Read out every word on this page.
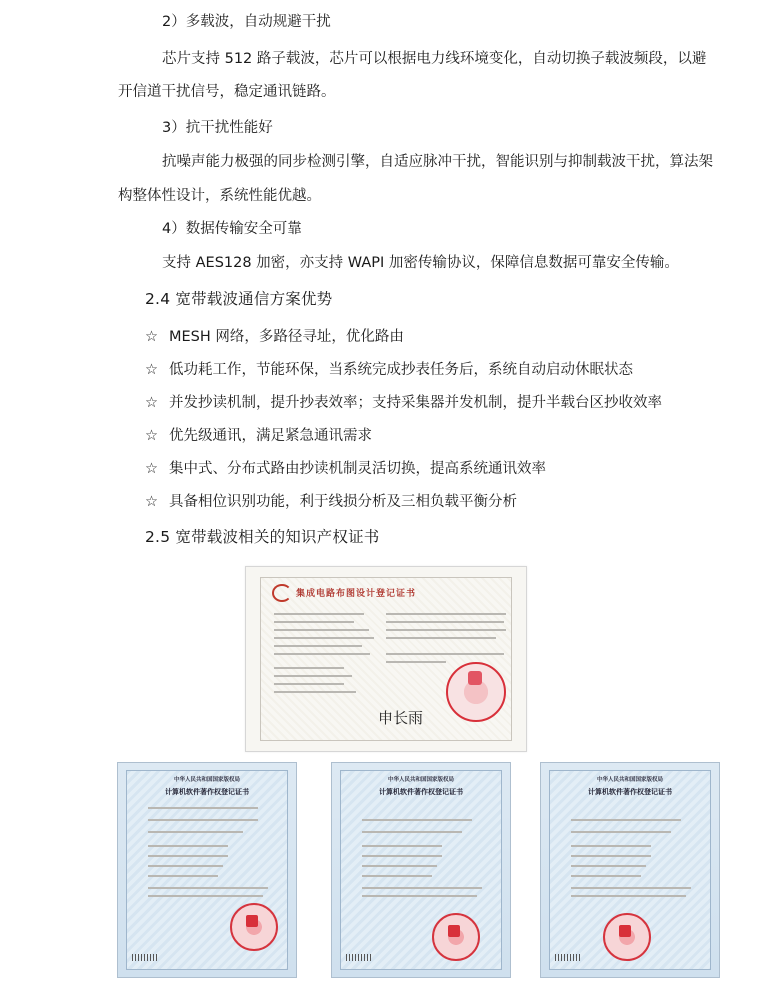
2）多载波，自动规避干扰
芯片支持 512 路子载波，芯片可以根据电力线环境变化，自动切换子载波频段，以避
开信道干扰信号，稳定通讯链路。
3）抗干扰性能好
抗噪声能力极强的同步检测引擎，自适应脉冲干扰，智能识别与抑制载波干扰，算法架
构整体性设计，系统性能优越。
4）数据传输安全可靠
支持 AES128 加密，亦支持 WAPI 加密传输协议，保障信息数据可靠安全传输。
2.4 宽带载波通信方案优势
☆ MESH 网络，多路径寻址，优化路由
☆ 低功耗工作，节能环保，当系统完成抄表任务后，系统自动启动休眠状态
☆ 并发抄读机制，提升抄表效率；支持采集器并发机制，提升半载台区抄收效率
☆ 优先级通讯，满足紧急通讯需求
☆ 集中式、分布式路由抄读机制灵活切换，提高系统通讯效率
☆ 具备相位识别功能，利于线损分析及三相负载平衡分析
2.5 宽带载波相关的知识产权证书
集成电路布图设计登记证书
申长雨
中华人民共和国国家版权局
计算机软件著作权登记证书
中华人民共和国国家版权局
计算机软件著作权登记证书
中华人民共和国国家版权局
计算机软件著作权登记证书
